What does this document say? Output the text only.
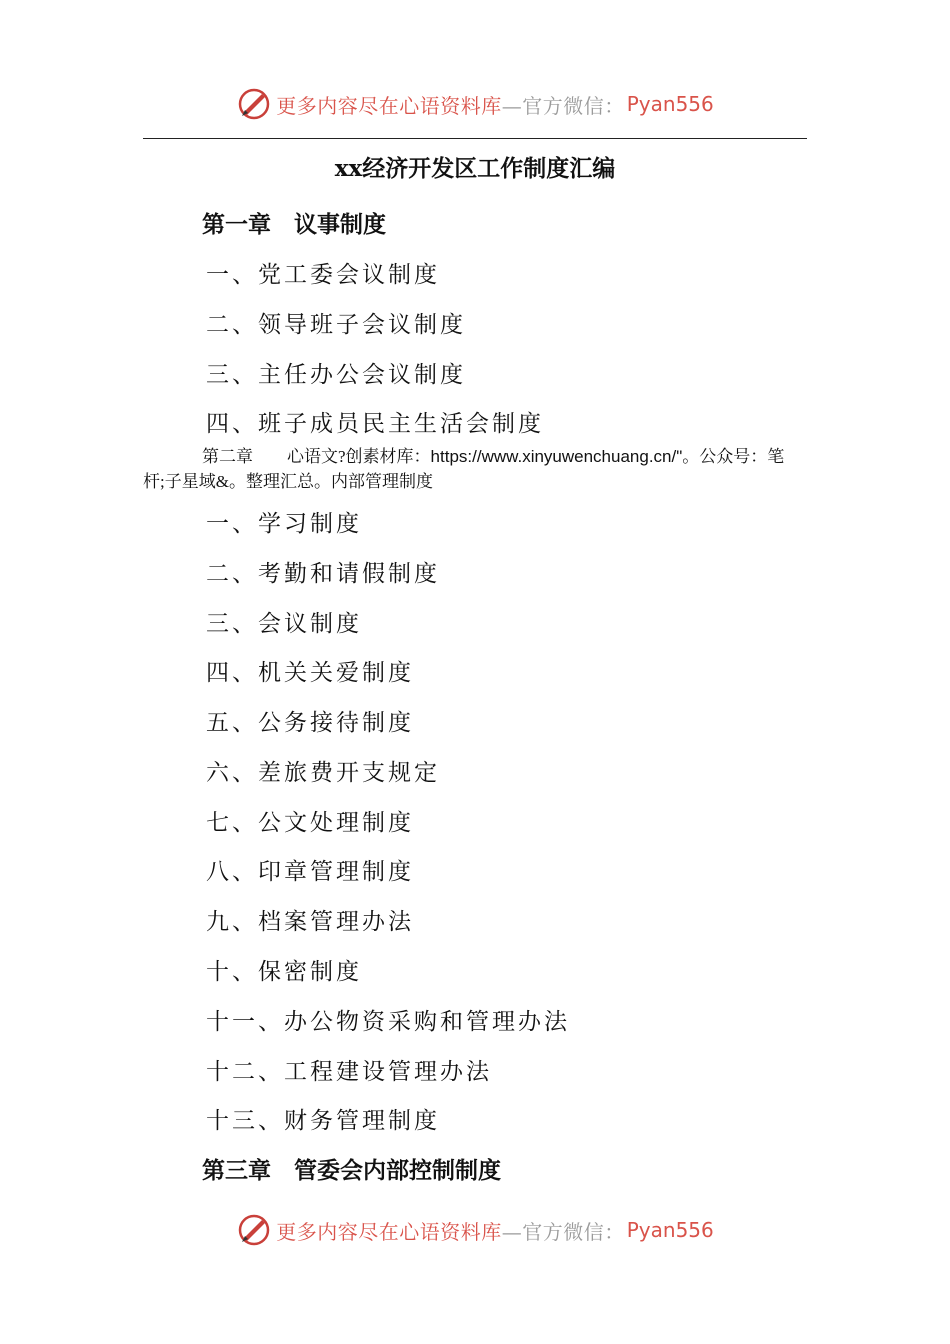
更多内容尽在心语资料库—官方微信： Pyan556
xx经济开发区工作制度汇编
第一章　议事制度
一、党工委会议制度
二、领导班子会议制度
三、主任办公会议制度
四、班子成员民主生活会制度
第二章　　心语文?创素材库：https://www.xinyuwenchuang.cn/"。公众号：笔杆;子星域&。整理汇总。内部管理制度
一、学习制度
二、考勤和请假制度
三、会议制度
四、机关关爱制度
五、公务接待制度
六、差旅费开支规定
七、公文处理制度
八、印章管理制度
九、档案管理办法
十、保密制度
十一、办公物资采购和管理办法
十二、工程建设管理办法
十三、财务管理制度
第三章　管委会内部控制制度
更多内容尽在心语资料库—官方微信： Pyan556
